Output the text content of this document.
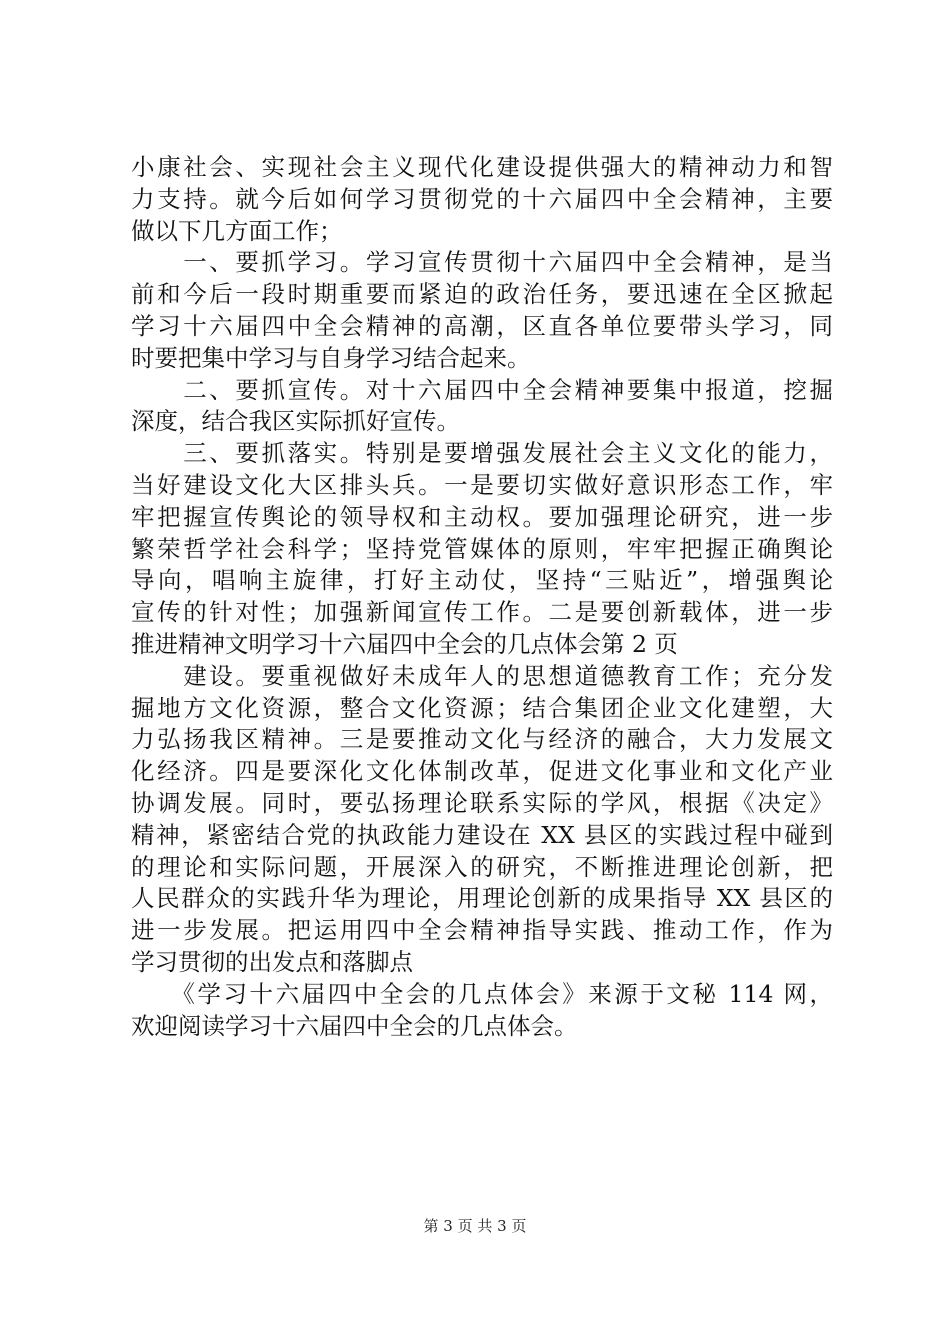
小康社会、实现社会主义现代化建设提供强大的精神动力和智
力支持。就今后如何学习贯彻党的十六届四中全会精神，主要
做以下几方面工作；
　　一、要抓学习。学习宣传贯彻十六届四中全会精神，是当
前和今后一段时期重要而紧迫的政治任务，要迅速在全区掀起
学习十六届四中全会精神的高潮，区直各单位要带头学习，同
时要把集中学习与自身学习结合起来。
　　二、要抓宣传。对十六届四中全会精神要集中报道，挖掘
深度，结合我区实际抓好宣传。
　　三、要抓落实。特别是要增强发展社会主义文化的能力，
当好建设文化大区排头兵。一是要切实做好意识形态工作，牢
牢把握宣传舆论的领导权和主动权。要加强理论研究，进一步
繁荣哲学社会科学；坚持党管媒体的原则，牢牢把握正确舆论
导向，唱响主旋律，打好主动仗，坚持“三贴近”，增强舆论
宣传的针对性；加强新闻宣传工作。二是要创新载体，进一步
推进精神文明学习十六届四中全会的几点体会第 2 页
　　建设。要重视做好未成年人的思想道德教育工作；充分发
掘地方文化资源，整合文化资源；结合集团企业文化建塑，大
力弘扬我区精神。三是要推动文化与经济的融合，大力发展文
化经济。四是要深化文化体制改革，促进文化事业和文化产业
协调发展。同时，要弘扬理论联系实际的学风，根据《决定》
精神，紧密结合党的执政能力建设在 XX 县区的实践过程中碰到
的理论和实际问题，开展深入的研究，不断推进理论创新，把
人民群众的实践升华为理论，用理论创新的成果指导 XX 县区的
进一步发展。把运用四中全会精神指导实践、推动工作，作为
学习贯彻的出发点和落脚点
　　《学习十六届四中全会的几点体会》来源于文秘 114 网，
欢迎阅读学习十六届四中全会的几点体会。
第 3 页 共 3 页
